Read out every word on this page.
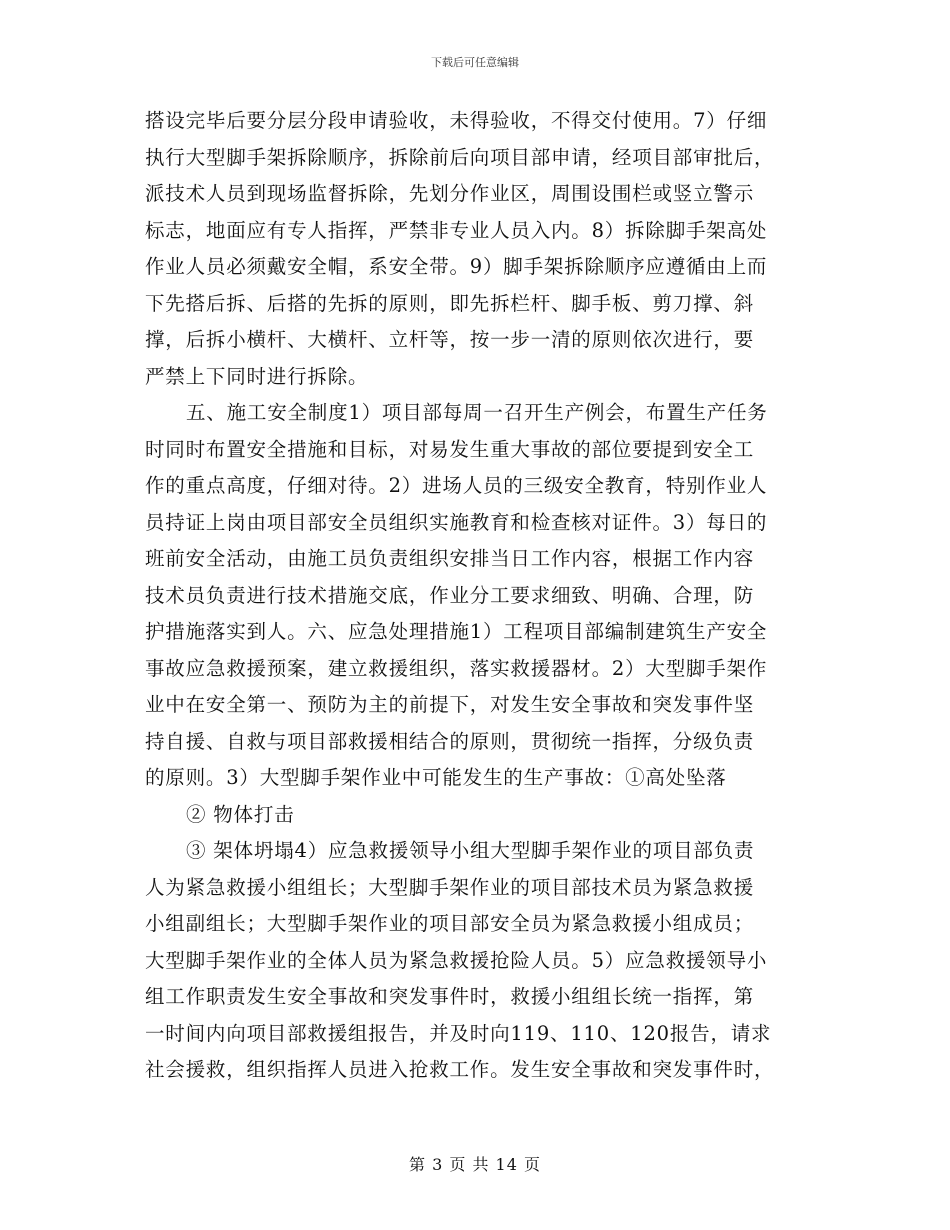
下载后可任意编辑
搭设完毕后要分层分段申请验收，未得验收，不得交付使用。7）仔细
执行大型脚手架拆除顺序，拆除前后向项目部申请，经项目部审批后，
派技术人员到现场监督拆除，先划分作业区，周围设围栏或竖立警示
标志，地面应有专人指挥，严禁非专业人员入内。8）拆除脚手架高处
作业人员必须戴安全帽，系安全带。9）脚手架拆除顺序应遵循由上而
下先搭后拆、后搭的先拆的原则，即先拆栏杆、脚手板、剪刀撑、斜
撑，后拆小横杆、大横杆、立杆等，按一步一清的原则依次进行，要
严禁上下同时进行拆除。
五、施工安全制度1）项目部每周一召开生产例会，布置生产任务
时同时布置安全措施和目标，对易发生重大事故的部位要提到安全工
作的重点高度，仔细对待。2）进场人员的三级安全教育，特别作业人
员持证上岗由项目部安全员组织实施教育和检查核对证件。3）每日的
班前安全活动，由施工员负责组织安排当日工作内容，根据工作内容
技术员负责进行技术措施交底，作业分工要求细致、明确、合理，防
护措施落实到人。六、应急处理措施1）工程项目部编制建筑生产安全
事故应急救援预案，建立救援组织，落实救援器材。2）大型脚手架作
业中在安全第一、预防为主的前提下，对发生安全事故和突发事件坚
持自援、自救与项目部救援相结合的原则，贯彻统一指挥，分级负责
的原则。3）大型脚手架作业中可能发生的生产事故：①高处坠落
② 物体打击
③ 架体坍塌4）应急救援领导小组大型脚手架作业的项目部负责
人为紧急救援小组组长；大型脚手架作业的项目部技术员为紧急救援
小组副组长；大型脚手架作业的项目部安全员为紧急救援小组成员；
大型脚手架作业的全体人员为紧急救援抢险人员。5）应急救援领导小
组工作职责发生安全事故和突发事件时，救援小组组长统一指挥，第
一时间内向项目部救援组报告，并及时向119、110、120报告，请求
社会援救，组织指挥人员进入抢救工作。发生安全事故和突发事件时，
第 3 页 共 14 页
